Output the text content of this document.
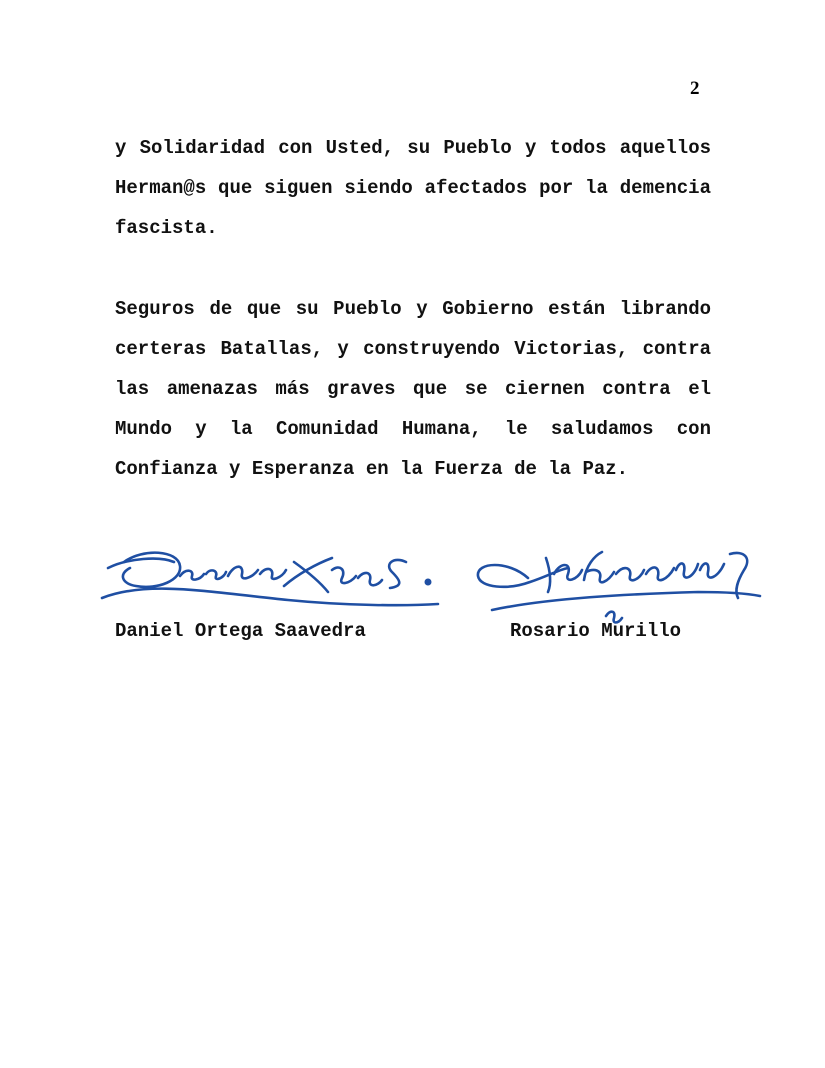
2

y Solidaridad con Usted, su Pueblo y todos aquellos Herman@s que siguen siendo afectados por la demencia fascista.

Seguros de que su Pueblo y Gobierno están librando certeras Batallas, y construyendo Victorias, contra las amenazas más graves que se ciernen contra el Mundo y la Comunidad Humana, le saludamos con Confianza y Esperanza en la Fuerza de la Paz.

Daniel Ortega Saavedra	Rosario Murillo
